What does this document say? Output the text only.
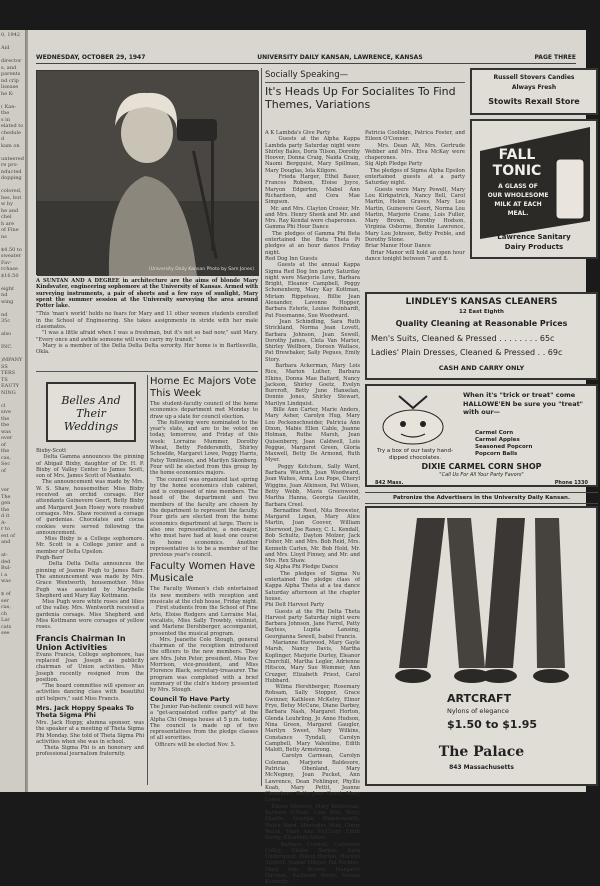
0, 1942

Aid

director
s, and
parents
nd crip
lisease
he K-

( Kan-
the
s in
elated to
cheduled
kam on

unteered
re pro-
nducted
dopping

colored,
hes, but
w by
he and
chel
h are
of Fine
ns

$4.50 to
sweater
Fav-
rchase
$16.50

eight
nd
wing

nd
35c

also

INC.

)MPANY
SS
TERS
TS
EAUTY
NING

cl
sive
the
the
was
over
of
the
cas,
Sec
of

ver
The
gen
the
d it
A-
r to
est of
and

at-
ded
Bul-
i a
was

$ of
ser
cas,
ch
Lar
cats
see
WEDNESDAY, OCTOBER 29, 1947	UNIVERSITY DAILY KANSAN, LAWRENCE, KANSAS	PAGE THREE
(University Daily Kansan Photo by Sam Jones)
A SUNTAN AND A DEGREE in architecture are the aims of blonde Mary Kindsvater, engineering sophomore at the University of Kansas. Armed with surveying instruments, a pair of shorts and a few rays of sunlight, Mary spent the summer session at the University surveying the area around Potter lake.
"This 'man's world' holds no fears for Mary and 11 other women students enrolled in the School of Engineering. She takes assignments in stride with her male classmates.
"I was a little afraid when I was a freshman, but it's not so bad now," said Mary. "Every once and awhile someone will even carry my transit."
Mary is a member of the Delta Delta Delta sorority. Her home is in Bartlesville, Okla.
Belles And Their Weddings
Bixby-Scott
Delta Gamma announces the pinning of Abigail Bixby, daughter of Dr. H. P. Bixby of Valley Center to James Scott, son of Mrs. James Scott of Mankato.
The announcement was made by Mrs. W. S. Shaw, housemother. Miss Bixby received an orchid corsage. Her attendants Guinevere Geert, Betty Bixby and Margaret Jean Hosey wore rosebud corsages. Mrs. Shaw received a corsage of gardenias. Chocolates and cocoa cookies were served following the announcement.
Miss Bixby is a College sophomore. Mr. Scott is a College junior and a member of Delta Upsilon.
Pugh-Barr
Delta Delta Delta announces the pinning of Jeanne Pugh to James Barr. The announcement was made by Mrs. Grace Wentworth, housemother. Miss Pugh was assisted by Marybelle Shepherd and Mary Kay Kottmann.
Miss Pugh wore white roses and lilies of the valley. Mrs. Wentworth received a gardenia corsage. Miss Shepherd and Miss Kottmann wore corsages of yellow roses.
Francis Chairman In Union Activities
Evans Francis, College sophomore, has replaced Joan Joseph as publicity chairman of Union activities. Miss Joseph recently resigned from the position.
"The board committee will sponsor an activities dancing class with beautiful girl helpers," said Miss Francis.
Mrs. Jack Hoppy Speaks To Theta Sigma Phi
Mrs. Jack Hoppy, alumna sponsor, was the speaker at a meeting of Theta Sigma Phi Monday. She told of Theta Sigma Phi activities when she was in school.
Theta Sigma Phi is an honorary and professional journalism fraternity.
Home Ec Majors Vote This Week
The student-faculty council of the home economics department met Monday to draw up a slate for council election.
The following were nominated to the year's slate, and are to be voted on today, tomorrow, and Friday of this week: Lorraine Mummer, Dorothy Wheat, Betty Feddersmith, Shirley Schoelde, Margaret Lowe, Peggy Harris, Patsy Tomlinson, and Marilyn Skonberg. Four will be elected from this group by the home economics majors.
The council was organized last spring by the home economics club cabinet, and is composed of nine members. The head of the department and two members of the faculty are chosen by the department to represent the faculty. Four girls are elected from the home economics department at large. There is also one representative, a non-major, who must have had at least one course in home economics. Another representative is to be a member of the previous year's council.
Faculty Women Have Musicale
The Faculty Women's club entertained its new members with reception and musicale at the club house, Friday night.
First students from the School of Fine Arts, Eloise Rodgers and Lorraine Mai, vocalists, Miss Sally Trowbly, violinist, and Marlene Dershberger, accompanist, presented the musical program.
Mrs. Jeanette Cole Stough, general chairman of the reception introduced the officers to the new members. They are Mrs. John Peter, president, Miss Eve Morrison, vice-president, and Miss Florence Black, secretary-treasurer. The program was completed with a brief summary of the club's history presented by Mrs. Stough.
Council To Have Party
The Junior Pan-hellenic council will have a "get-acquainted coffee party" at the Alpha Chi Omega house at 5 p.m. today. The council is made up of two representatives from the pledge classes of all sororities.
Officers will be elected Nov. 5.
Socially Speaking—
It's Heads Up For Socialites To Find Themes, Variations
A K Lambda's Give Party
Guests at the Alpha Kappa Lambda party Saturday night were Shirley Bales, Doris Tilson, Dorothy Hoover, Donna Craig, Naida Craig, Naomi Bergquist, Mary Spillman, Mary Douglas, Iola Kilgore.
Frieda Harger, Ethel Bauer, Frances Robson, Eloise Joyce, Maryon Edgerton, Mabel Ann Richardson, and Cora Mae Simpson.
Mr. and Mrs. Clayton Crosier, Mr. and Mrs. Henry Shenk and Mr. and Mrs. Ray Kendal were chaperones.
Gamma Phi Hour Dance
The pledges of Gamma Phi Beta entertained the Beta Theta Pi pledges at an hour dance Friday night.
Red Dog Inn Guests
Guests at the annual Kappa Sigma Red Dog Inn party Saturday night were Marjorie Love, Barbara Bright, Eleanor Campbell, Peggy Schonenberg, Mary Kay Kottman, Miriam Rippeteau, Billie Jean Alexander, Lavonne Hopper, Barbara Esterle, Louise Reinhardt, Pat Fossmanne, Sue Woodward.
Jean Schindling, Sara Ruth Strickland, Norma Jean Lovett, Barbara Johnson, Jean Sewell, Dorothy James, Clela Van Marter, Shirley Wellborn, Doreen Wallace, Pat Brewbaker, Sally Pegues, Emily Story.
Barbara Ackerman, Mary Lois Rice, Marion Luther, Barbara Elkins, Donna Mae Ballard, Nancy Jackson, Shirley Goetz, Evelyn Burcroft, Betty June Hanselan, Donnie Jones, Shirley Stewart, Marilyn Lindquist.
Bille Ann Carter, Marie Anders, Mary Asher, Carolyn Hug, Mary Lou Peckenschneider, Patricia Ann Dixon, Mabie Ellen Cable, Joanne Holman, Ruthe Marsh, Jean Quisenberry, Joan Caldwell, Lois Peggue, Margaret Green, Gloria Maxwell, Betty De Armond, Ruth Myer.
Peggy Ketchum, Sally Ward, Barbara Wuerth, Joan Woodward, Joan Wahes, Anna Lou Pope, Cheryl Wiggins, Joan Atkinson, Pat Wilson, Betty Webb, Mavis Greenwood, Martha Hanna, Georgia Gauldin, Barbara Creel.
Bernadine Reed, Nita Brewster, Margaret Logan, Mary Alice Martin, Joan Coover, William Sherwood, Joe Raney, C. L. Kendall, Bob Schultz, Dayton Molzer, Jack Fisher, Mr. and Mrs. Bob Reid, Mrs. Kenneth Carlen, Mr. Bob Hold, Mr. and Mrs. Lloyd Finney, and Mr. and Mrs. Rex Shaw.
Sig Alpha Phi Pledge Dance
The pledges of Sigma Nu entertained the pledge class of Kappa Alpha Theta at a tea dance Saturday afternoon at the chapter house.
Phi Delt Harvest Party
Guests at the Phi Delta Theta Harvest party Saturday night were Barbara Johnson, Jane Farrel, Patty Bayless, Lupita Lansing, Georgianna Sewell, Isabel Francis.
Marianne Harwood, Mary Gayle Marsh, Nancy Davis, Martha Koplinger, Marjorie Durley, Eleanor Churchill, Martha Legler, Adrienne Hitscox, Mary Sue Wemmer, Ann Cruzger, Elizabeth Priest, Carol Hubbard.
Wilma Hershberger, Rosemary Rohsam, Sally Stopper, Grace Gwinner, Kathleen McKelvy, Elinor Frye, Betsy McCune, Diane Darbey, Barbara Nash, Margaret Horton, Glenda Leuhrling, Jo Anne Hudson, Nina Green, Margaret Gaugler, Marilyn Sweet, Mary Wilkins, Constance Tyndall, Carolyn Campbell, Mary Valentine, Edith Malott, Betty Armstrong.
Carolyn Carmean, Carolyn Coleman, Marjorie Baldesore, Patricia Obenland, Mary McNegney, Joan Pucket, Ann Lawrence, Dean Fehlinger, Phyllis Koah, Mary Pettit, Jeanne Chambers, Betty Jean Grant, Mary Lewis.
Eileen Maloney, Mary Kellerman, Barbara O'Neal, Cora Kris, Betty Shadle, Georgia Womlesworth, Helen Ward, Mercedes Muir, Ginny Walsh, Mary Ann McCurry, Edith Darby, Elizabeth Sifers.
Barbara Connell, Catherine Colley, Elaine Barbee, Sara Underwood, Eileen Horton, Marilyn Stebert, Joanne Hillyer, Pat Perkins, Mary Ann Brown, Margaret Harmon, Kathleen Brody, Norma Kennedy.
Patricia Coolidge, Patrica Foster, and Eileen O'Conner.
Mrs. Dean Alt, Mrs. Gertrude Webber and Mrs. Elva McKay were chaperones.
Sig Alph Pledge Party
The pledges of Sigma Alpha Epsilon entertained guests at a party Saturday night.
Guests were Mary Powell, Mary Lou Kirkpatrick, Nancy Bell, Carol Martin, Helen Graves, Mary Lou Martin, Guinevere Geert, Norma Lou Martin, Marjorie Crane, Lois Fuller, Mary Brown, Dorothy Hodson, Virginia Osborne, Bonnie Lawrence, Mary Lou Johnson, Betty Preble, and Dorothy Stone.
Briar Manor Hour Dance
Briar Manor will hold an open hour dance tonight between 7 and 8.
Russell Stovers Candies
Always Fresh
Stowits Rexall Store
FALL
TONIC
A GLASS OF
OUR WHOLESOME
MILK AT EACH
MEAL.
Lawrence Sanitary
Dairy Products
LINDLEY'S KANSAS CLEANERS
12 East Eighth
Quality Cleaning at Reasonable Prices
Men's Suits, Cleaned & Pressed . . . . . . . . 65c
Ladies' Plain Dresses, Cleaned & Pressed . . 69c
CASH AND CARRY ONLY
Try a box of our tasty hand-dipped chocolates.
When it's "trick or treat" come HALLOWE'EN be sure you "treat" with our—
Carmel Corn
Carmel Apples
Seasoned Popcorn
Popcorn Balls
DIXIE CARMEL CORN SHOP
"Call Us For All Your Party Favors"
842 Mass.	Phone 1330
Patronize the Advertisers in the University Daily Kansan.
ARTCRAFT
Nylons of elegance
$1.50 to $1.95
The Palace
843 Massachusetts
